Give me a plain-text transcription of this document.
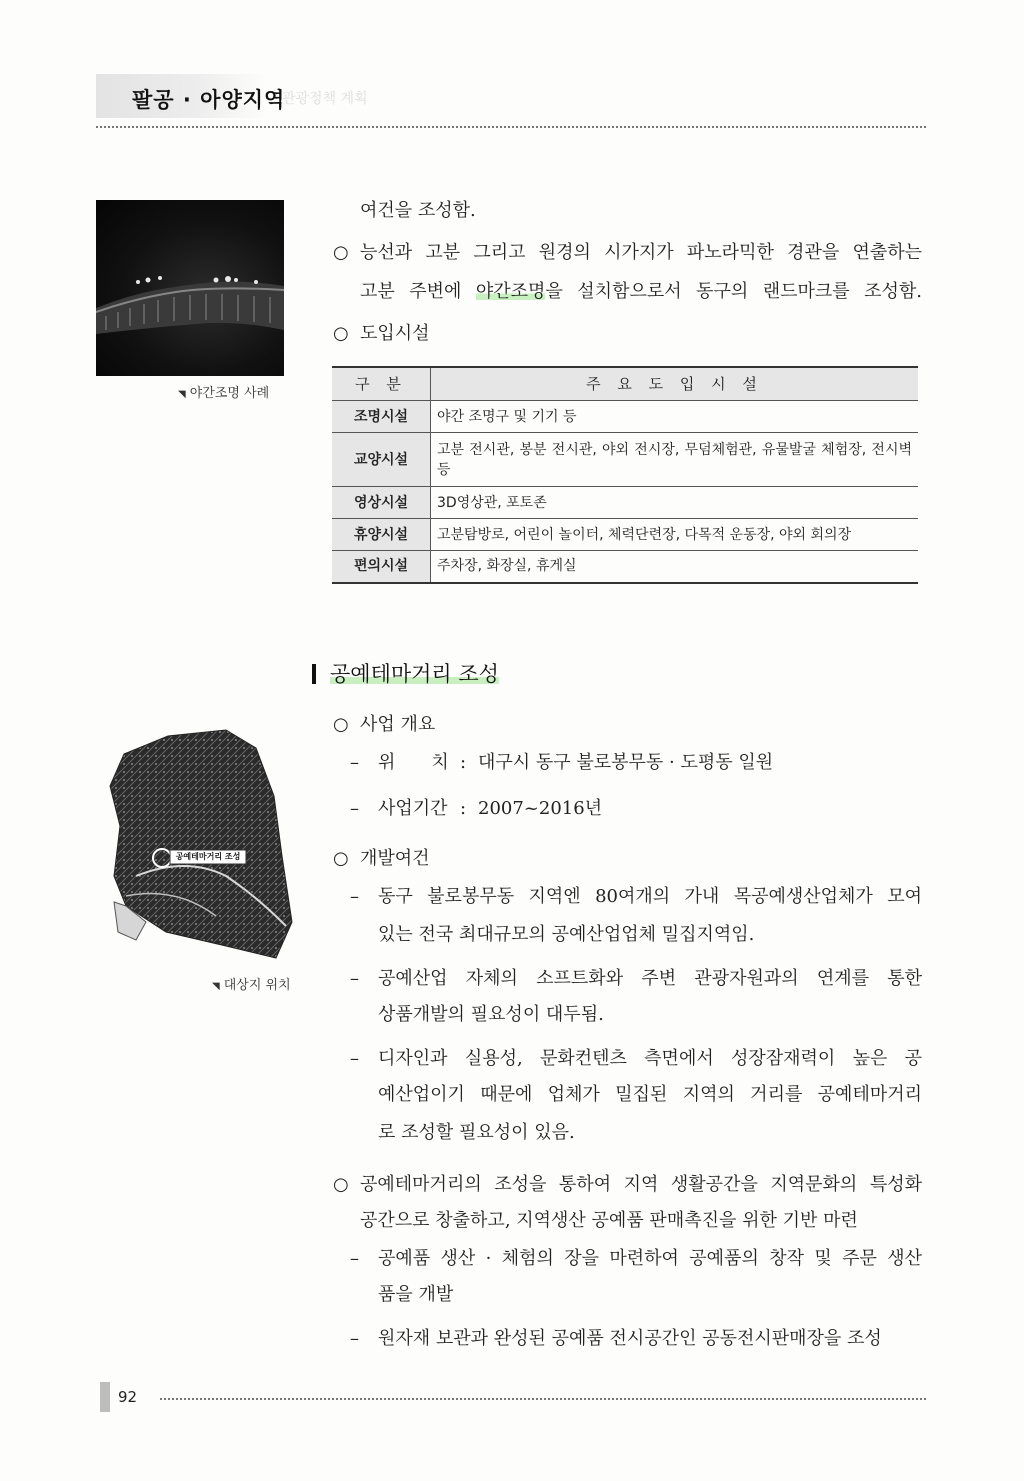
팔공 · 아양지역
관광정책 계획
◥ 야간조명 사례
여건을 조성함.
○ 능선과 고분 그리고 원경의 시가지가 파노라믹한 경관을 연출하는
고분 주변에 야간조명을 설치함으로서 동구의 랜드마크를 조성함.
○ 도입시설
구 분	주 요 도 입 시 설
조명시설	야간 조명구 및 기기 등
교양시설	고분 전시관, 봉분 전시관, 야외 전시장, 무덤체험관, 유물발굴 체험장, 전시벽 등
영상시설	3D영상관, 포토존
휴양시설	고분탐방로, 어린이 놀이터, 체력단련장, 다목적 운동장, 야외 회의장
편의시설	주차장, 화장실, 휴게실
공예테마거리 조성
공예테마거리 조성
◥ 대상지 위치
○ 사업 개요
– 위　　치 : 대구시 동구 불로봉무동 · 도평동 일원
– 사업기간 : 2007~2016년
○ 개발여건
– 동구 불로봉무동 지역엔 80여개의 가내 목공예생산업체가 모여
있는 전국 최대규모의 공예산업업체 밀집지역임.
– 공예산업 자체의 소프트화와 주변 관광자원과의 연계를 통한
상품개발의 필요성이 대두됨.
– 디자인과 실용성, 문화컨텐츠 측면에서 성장잠재력이 높은 공
예산업이기 때문에 업체가 밀집된 지역의 거리를 공예테마거리
로 조성할 필요성이 있음.
○ 공예테마거리의 조성을 통하여 지역 생활공간을 지역문화의 특성화
공간으로 창출하고, 지역생산 공예품 판매촉진을 위한 기반 마련
– 공예품 생산 · 체험의 장을 마련하여 공예품의 창작 및 주문 생산
품을 개발
– 원자재 보관과 완성된 공예품 전시공간인 공동전시판매장을 조성
92
